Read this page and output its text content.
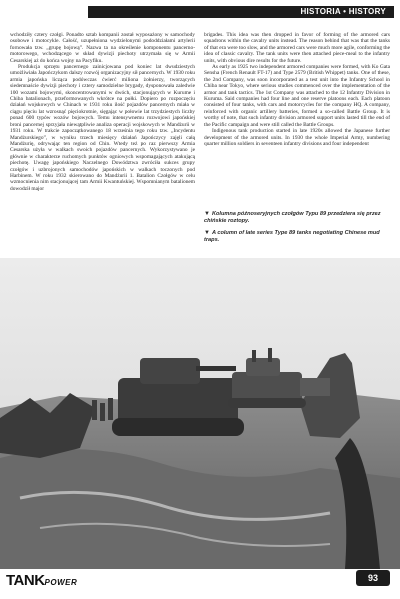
HISTORIA • HISTORY

wchodziły cztery czołgi. Ponadto sztab kompanii został wyposażony w samochody osobowe i motocykle. Całość, uzupełniona wydzielonymi pododdziałami artylerii fornowała tzw. „grupę bojową”. Nazwa ta na określenie komponentu pancerno-motorowego, wchodzącego w skład dywizji piechoty utrzymała się w Armii Cesarskiej aż do końca wojny na Pacyfiku.

Produkcja sprzętu pancernego zainicjowana pod koniec lat dwudziestych umożliwiała Japończykom dalszy rozwój organizacyjny sił pancernych. W 1930 roku armia japońska licząca podówczas ćwierć miliona żołnierzy, tworzących siedemnaście dywizji piechoty i cztery samodzielne brygady, dysponowała zaledwie 100 wozami bojowymi, skoncentrowanymi w dwóch, stacjonujących w Kurume i Chiba batalionach, przeformowanych wkrótce na pułki. Dopiero po rozpoczęciu działań wojskowych w Chinach w 1931 roku ilość pojazdów pancernych miała w ciągu pięciu lat wzrosnąć pięciokrotnie, sięgając w połowie lat trzydziestych liczby ponad 600 typów wozów bojowych. Temu intensywnemu rozwojowi japońskiej broni pancernej sprzyjała niewątpliwie analiza operacji wojskowych w Mandżurii w 1931 roku. W trakcie zapoczątkowanego 18 września tego roku tzw. „Incydentu Mandżurskiego”, w wyniku trzech miesięcy działań Japończycy zajęli całą Mandżurię, odrywając ten region od Chin. Wtedy też po raz pierwszy Armia Cesarska użyła w walkach swoich pojazdów pancernych. Wykorzystywano je głównie w charakterze ruchomych punktów ogniowych wspomagających atakującą piechotę. Uwagę japońskiego Naczelnego Dowództwa zwróciła sukces grupy czołgów i uzbrojonych samochodów japońskich w walkach toczonych pod Harbinem. W roku 1932 skierowano do Mandżurii 1. Batalion Czołgów w celu wzmocnienia nim stacjonującej tam Armii Kwantuńskiej. Wspomnianym batalionem dowodził major

brigades. This idea was then dropped in favor of forming of the armored cars squadrons within the cavalry units instead. The reason behind that was that the tanks of that era were too slow, and the armored cars were much more agile, conforming the idea of classic cavalry. The tank units were then attached piece-meal to the infantry units, with obvious dire results for the future.

As early as 1925 two independent armored companies were formed, with Ko Gata Sensha (French Renault FT-17) and Type 2579 (British Whippet) tanks. One of these, the 2nd Company, was soon incorporated as a test unit into the Infantry School in Chiba near Tokyo, where serious studies commenced over the implementation of the armor and tank tactics. The 1st Company was attached to the 12 Infantry Division in Kuruma. Said companies had four line and one reserve platoons each. Each platoon consisted of four tanks, with cars and motorcycles for the company HQ. A company, reinforced with organic artillery batteries, formed a so-called Battle Group. It is worthy of note, that such infantry division armored support units lasted till the end of the Pacific campaign and were still called the Battle Groups.

Indigenous tank production started in late 1920s allowed the Japanese further development of the armored units. In 1930 the whole Imperial Army, numbering quarter million soldiers in seventeen infantry divisions and four independent

▼ Kolumna późnoseryjnych czołgów Typu 89 przedziera się przez chińskie roztopy.
▼ A column of late series Type 89 tanks negotiating Chinese mud traps.
TANKPOWER	93
